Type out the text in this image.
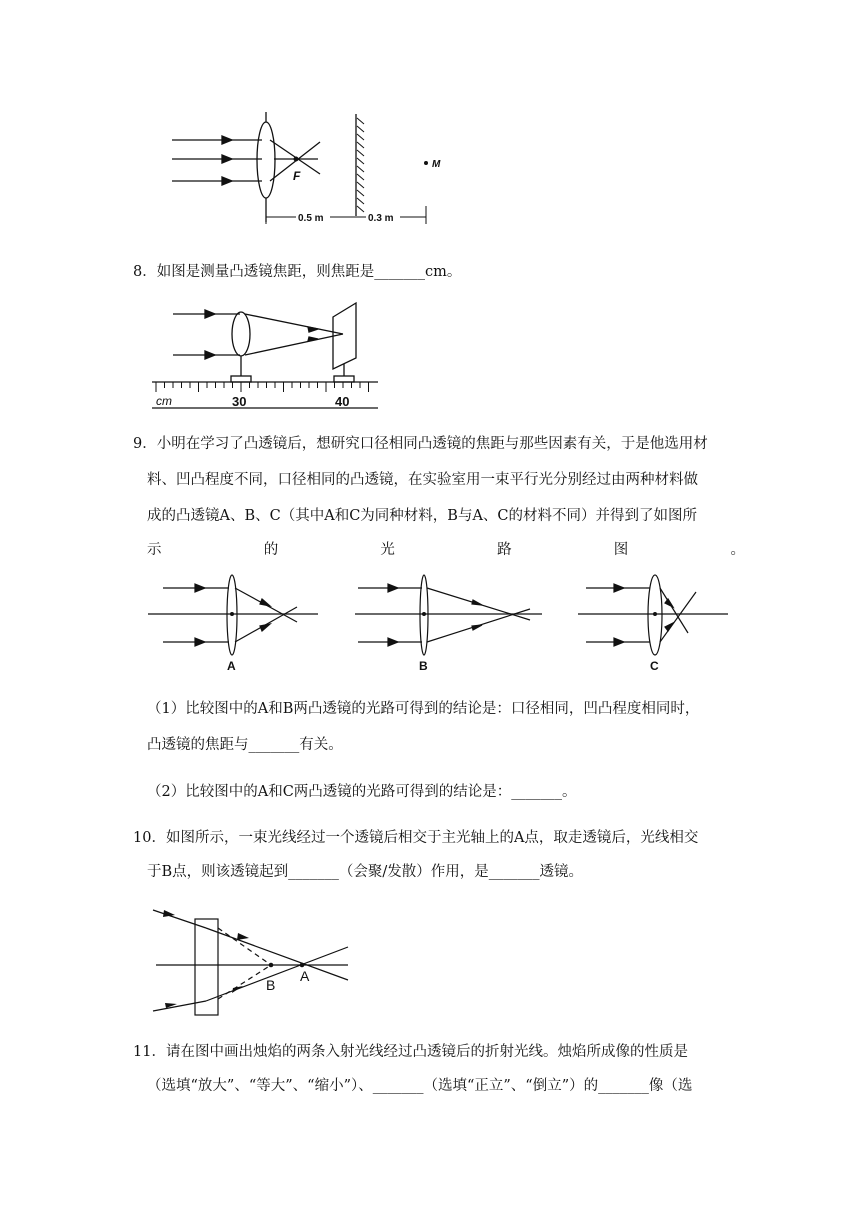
F
M
0.5 m	0.3 m
8．如图是测量凸透镜焦距，则焦距是_______cm。
cm	30	40
9．小明在学习了凸透镜后，想研究口径相同凸透镜的焦距与那些因素有关，于是他选用材
料、凹凸程度不同，口径相同的凸透镜，在实验室用一束平行光分别经过由两种材料做
成的凸透镜A、B、C（其中A和C为同种材料，B与A、C的材料不同）并得到了如图所
示	的	光	路	图	。
A	B	C
（1）比较图中的A和B两凸透镜的光路可得到的结论是：口径相同，凹凸程度相同时，
凸透镜的焦距与_______有关。
（2）比较图中的A和C两凸透镜的光路可得到的结论是：_______。
10．如图所示，一束光线经过一个透镜后相交于主光轴上的A点，取走透镜后，光线相交
于B点，则该透镜起到_______（会聚/发散）作用，是_______透镜。
B
A
11．请在图中画出烛焰的两条入射光线经过凸透镜后的折射光线。烛焰所成像的性质是
（选填“放大”、“等大”、“缩小”）、_______（选填“正立”、“倒立”）的_______像（选
